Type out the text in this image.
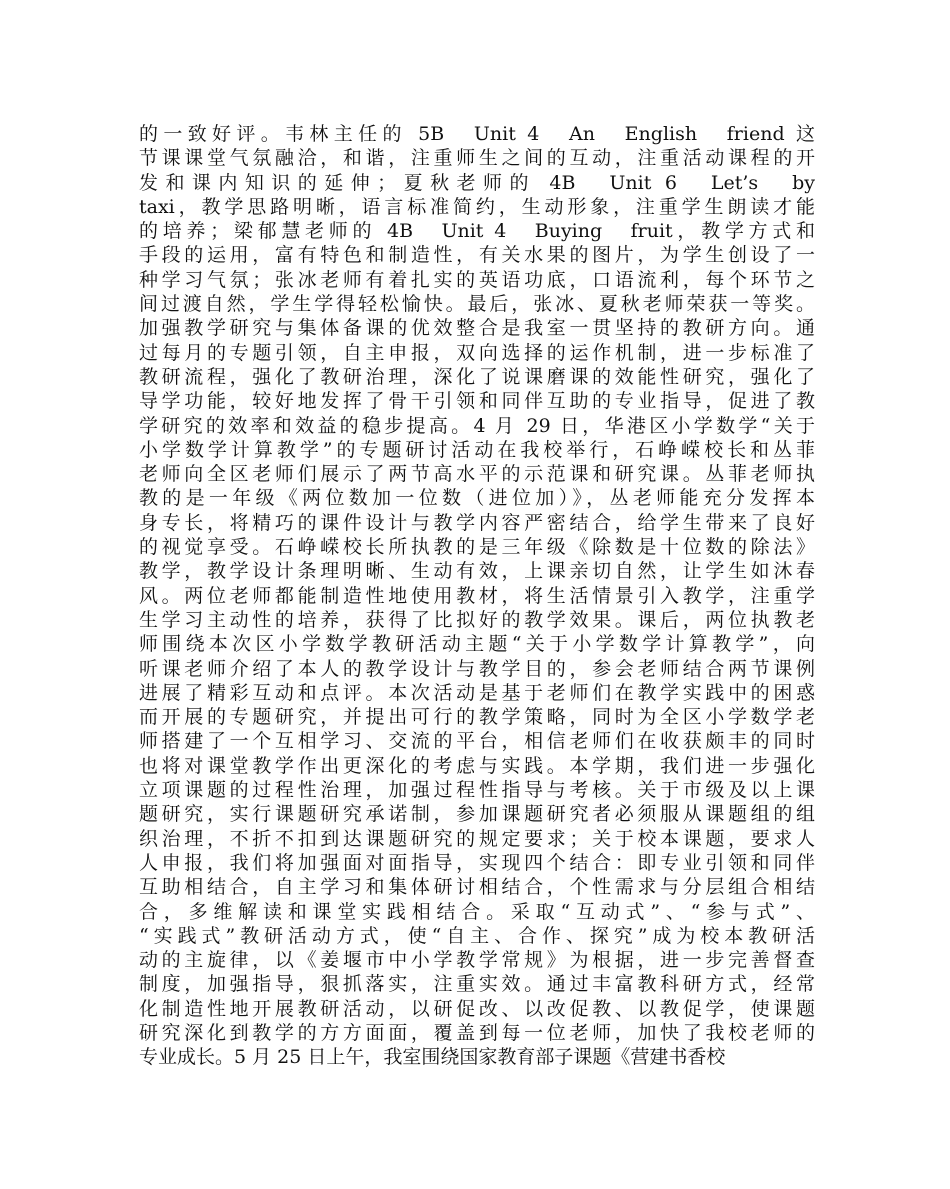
的一致好评。韦林主任的 5B　Unit 4　An　English　friend 这
节课课堂气氛融洽，和谐，注重师生之间的互动，注重活动课程的开
发和课内知识的延伸；夏秋老师的 4B　Unit 6　Let’s　by
taxi，教学思路明晰，语言标准简约，生动形象，注重学生朗读才能
的培养；梁郁慧老师的 4B　Unit 4　Buying　fruit，教学方式和
手段的运用，富有特色和制造性，有关水果的图片，为学生创设了一
种学习气氛；张冰老师有着扎实的英语功底，口语流利，每个环节之
间过渡自然，学生学得轻松愉快。最后，张冰、夏秋老师荣获一等奖。
加强教学研究与集体备课的优效整合是我室一贯坚持的教研方向。通
过每月的专题引领，自主申报，双向选择的运作机制，进一步标准了
教研流程，强化了教研治理，深化了说课磨课的效能性研究，强化了
导学功能，较好地发挥了骨干引领和同伴互助的专业指导，促进了教
学研究的效率和效益的稳步提高。4 月 29 日，华港区小学数学“关于
小学数学计算教学”的专题研讨活动在我校举行，石峥嵘校长和丛菲
老师向全区老师们展示了两节高水平的示范课和研究课。丛菲老师执
教的是一年级《两位数加一位数（进位加）》，丛老师能充分发挥本
身专长，将精巧的课件设计与教学内容严密结合，给学生带来了良好
的视觉享受。石峥嵘校长所执教的是三年级《除数是十位数的除法》
教学，教学设计条理明晰、生动有效，上课亲切自然，让学生如沐春
风。两位老师都能制造性地使用教材，将生活情景引入教学，注重学
生学习主动性的培养，获得了比拟好的教学效果。课后，两位执教老
师围绕本次区小学数学教研活动主题“关于小学数学计算教学”，向
听课老师介绍了本人的教学设计与教学目的，参会老师结合两节课例
进展了精彩互动和点评。本次活动是基于老师们在教学实践中的困惑
而开展的专题研究，并提出可行的教学策略，同时为全区小学数学老
师搭建了一个互相学习、交流的平台，相信老师们在收获颇丰的同时
也将对课堂教学作出更深化的考虑与实践。本学期，我们进一步强化
立项课题的过程性治理，加强过程性指导与考核。关于市级及以上课
题研究，实行课题研究承诺制，参加课题研究者必须服从课题组的组
织治理，不折不扣到达课题研究的规定要求；关于校本课题，要求人
人申报，我们将加强面对面指导，实现四个结合：即专业引领和同伴
互助相结合，自主学习和集体研讨相结合，个性需求与分层组合相结
合，多维解读和课堂实践相结合。采取“互动式”、“参与式”、
“实践式”教研活动方式，使“自主、合作、探究”成为校本教研活
动的主旋律，以《姜堰市中小学教学常规》为根据，进一步完善督查
制度，加强指导，狠抓落实，注重实效。通过丰富教科研方式，经常
化制造性地开展教研活动，以研促改、以改促教、以教促学，使课题
研究深化到教学的方方面面，覆盖到每一位老师，加快了我校老师的
专业成长。5 月 25 日上午，我室围绕国家教育部子课题《营建书香校
